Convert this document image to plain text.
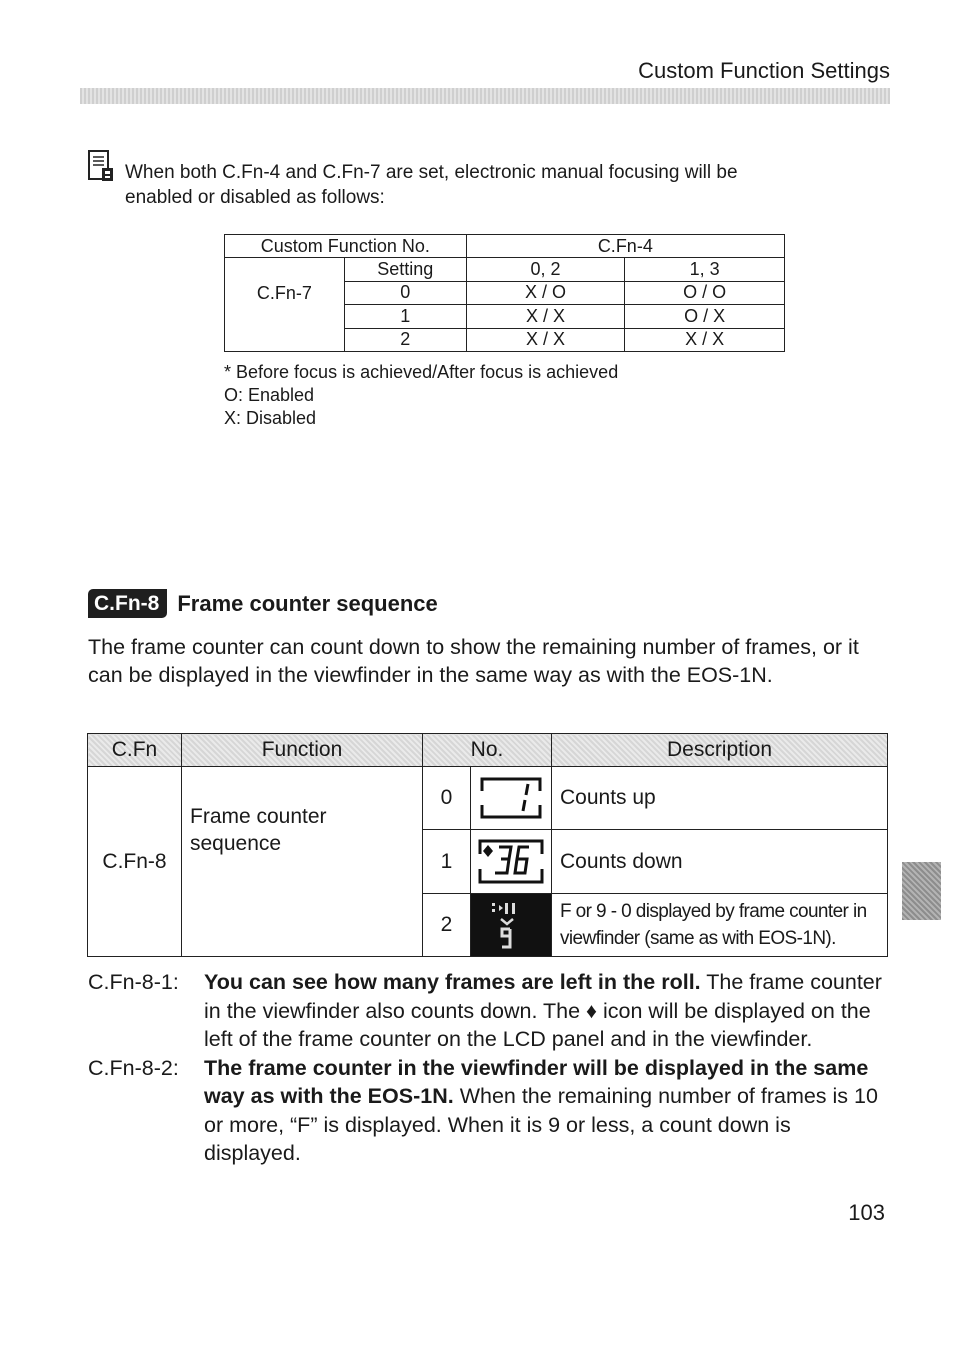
Custom Function Settings
When both C.Fn-4 and C.Fn-7 are set, electronic manual focusing will be enabled or disabled as follows:
Custom Function No.		C.Fn-4	
	Setting	0, 2	1, 3
C.Fn-7	0	X / O	O / O
	1	X / X	O / X
	2	X / X	X / X
* Before focus is achieved/After focus is achieved
O: Enabled
X: Disabled
C.Fn-8 Frame counter sequence
The frame counter can count down to show the remaining number of frames, or it can be displayed in the viewfinder in the same way as with the EOS-1N.
C.Fn	Function	No.		Description
C.Fn-8	Frame counter sequence	0		Counts up
		1		Counts down
		2		F or 9 - 0 displayed by frame counter in viewfinder (same as with EOS-1N).
C.Fn-8-1:	You can see how many frames are left in the roll. The frame counter in the viewfinder also counts down. The ♦ icon will be displayed on the left of the frame counter on the LCD panel and in the viewfinder.
C.Fn-8-2:	The frame counter in the viewfinder will be displayed in the same way as with the EOS-1N. When the remaining number of frames is 10 or more, “F” is displayed. When it is 9 or less, a count down is displayed.
103
